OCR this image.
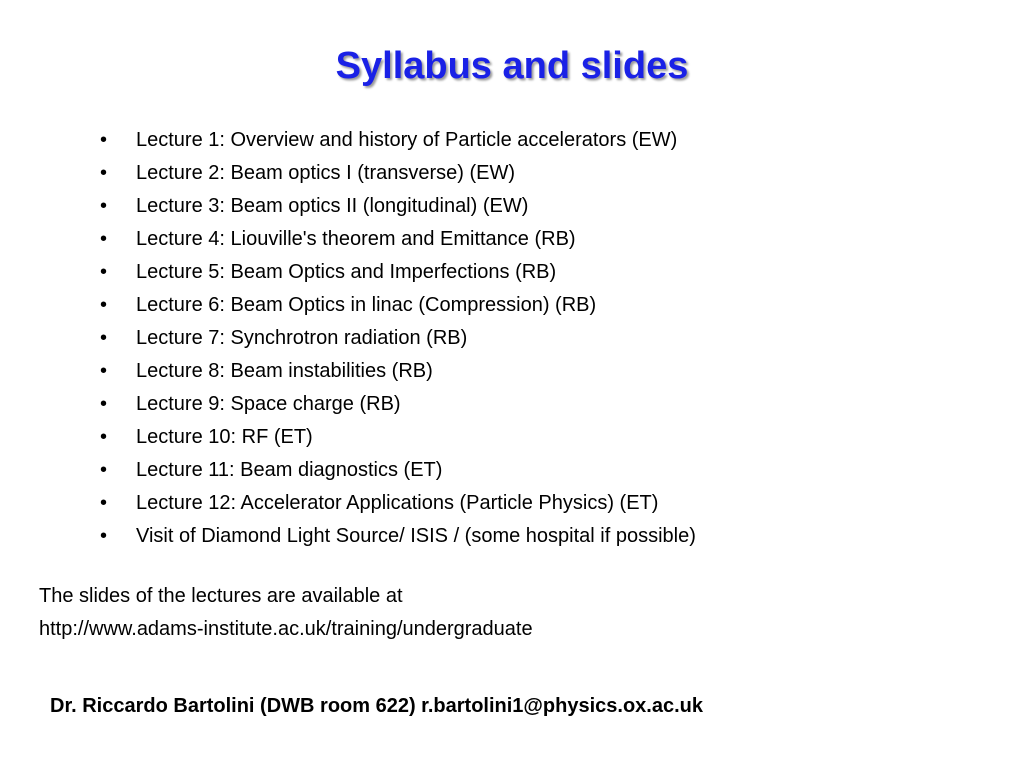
Syllabus and slides
• Lecture 1: Overview and history of Particle accelerators (EW)
• Lecture 2: Beam optics I (transverse) (EW)
• Lecture 3: Beam optics II (longitudinal) (EW)
• Lecture 4: Liouville's theorem and Emittance (RB)
• Lecture 5: Beam Optics and Imperfections (RB)
• Lecture 6: Beam Optics in linac (Compression) (RB)
• Lecture 7: Synchrotron radiation (RB)
• Lecture 8: Beam instabilities (RB)
• Lecture 9: Space charge (RB)
• Lecture 10: RF (ET)
• Lecture 11: Beam diagnostics (ET)
• Lecture 12: Accelerator Applications (Particle Physics) (ET)
• Visit of Diamond Light Source/ ISIS / (some hospital if possible)
The slides of the lectures are available at
http://www.adams-institute.ac.uk/training/undergraduate
Dr. Riccardo Bartolini (DWB room 622) r.bartolini1@physics.ox.ac.uk
